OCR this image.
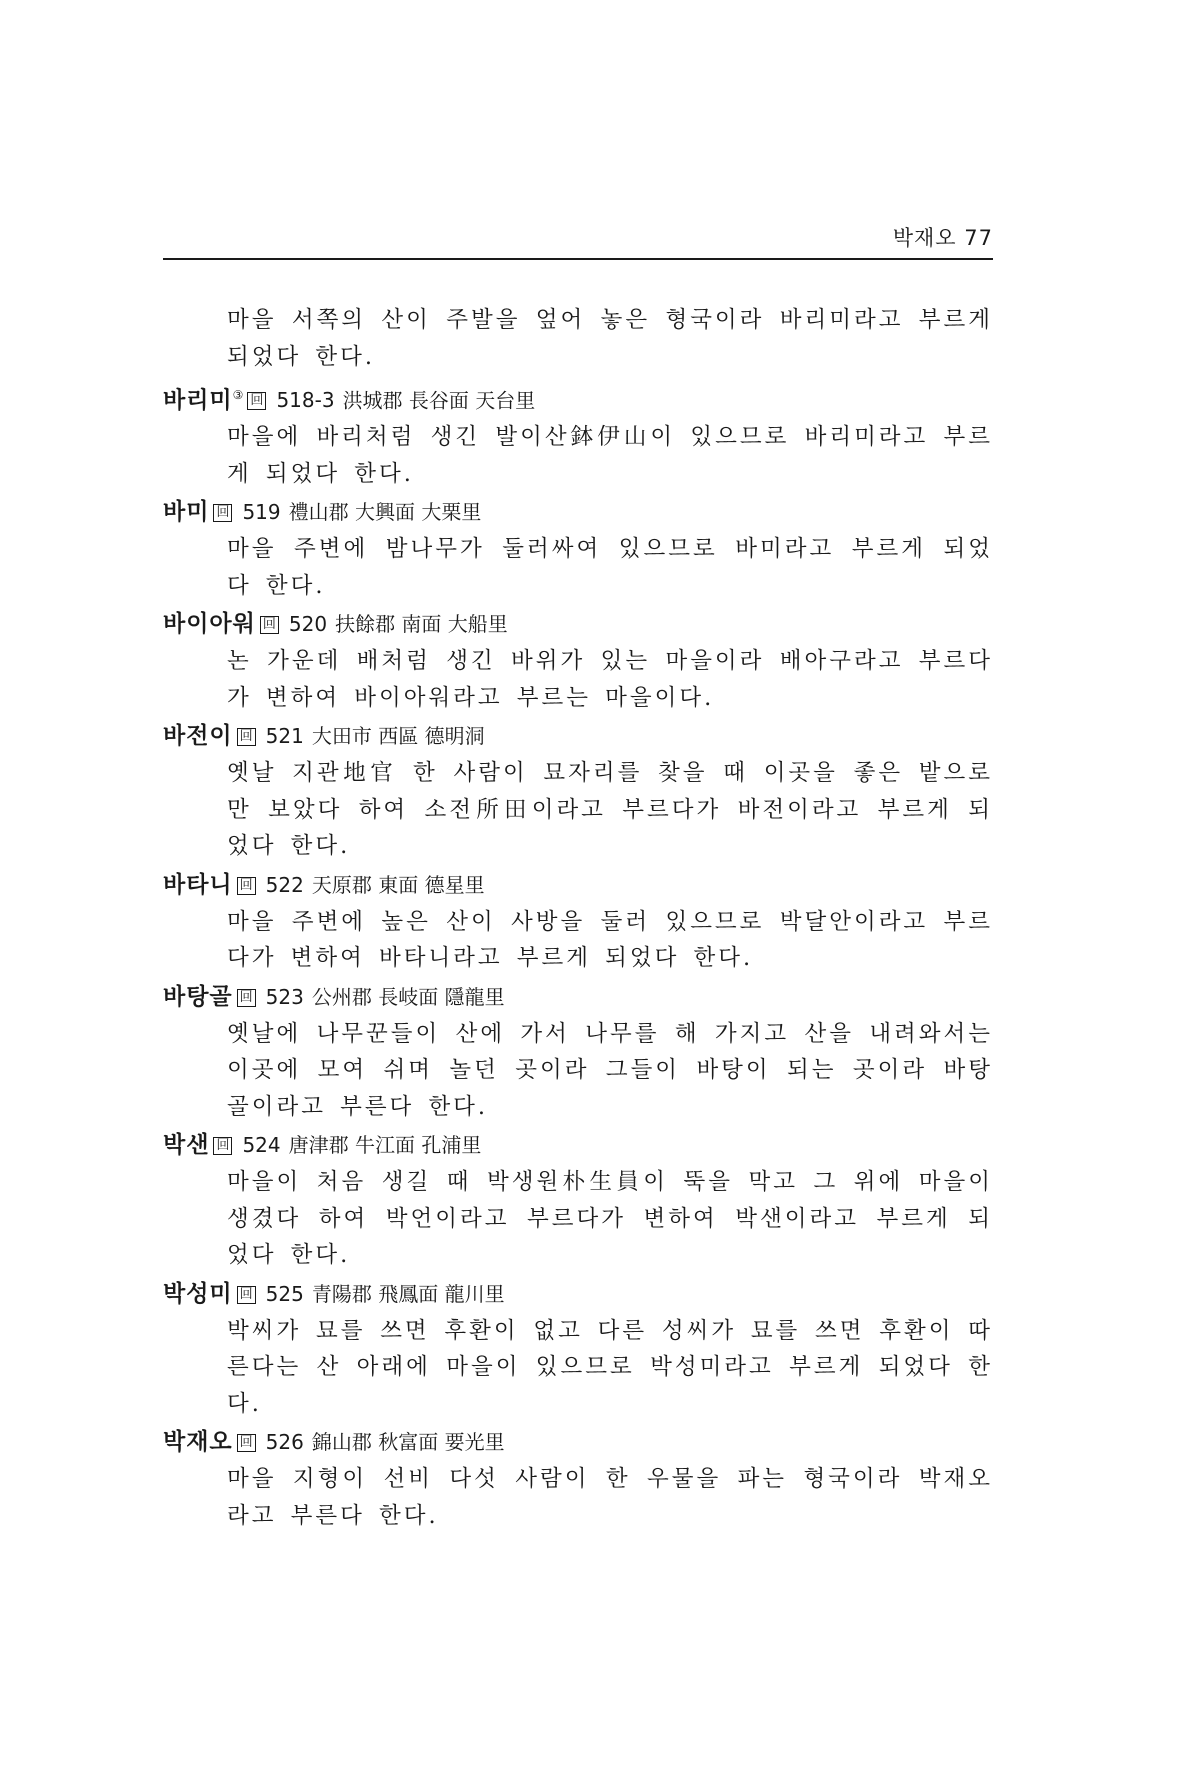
박재오 77
마을 서쪽의 산이 주발을 엎어 놓은 형국이라 바리미라고 부르게 되었다 한다.
바리미③ 回 518-3 洪城郡 長谷面 天台里
마을에 바리처럼 생긴 발이산鉢伊山이 있으므로 바리미라고 부르게 되었다 한다.
바미 回 519 禮山郡 大興面 大栗里
마을 주변에 밤나무가 둘러싸여 있으므로 바미라고 부르게 되었다 한다.
바이아워 回 520 扶餘郡 南面 大船里
논 가운데 배처럼 생긴 바위가 있는 마을이라 배아구라고 부르다가 변하여 바이아워라고 부르는 마을이다.
바전이 回 521 大田市 西區 德明洞
옛날 지관地官 한 사람이 묘자리를 찾을 때 이곳을 좋은 밭으로만 보았다 하여 소전所田이라고 부르다가 바전이라고 부르게 되었다 한다.
바타니 回 522 天原郡 東面 德星里
마을 주변에 높은 산이 사방을 둘러 있으므로 박달안이라고 부르다가 변하여 바타니라고 부르게 되었다 한다.
바탕골 回 523 公州郡 長岐面 隱龍里
옛날에 나무꾼들이 산에 가서 나무를 해 가지고 산을 내려와서는 이곳에 모여 쉬며 놀던 곳이라 그들이 바탕이 되는 곳이라 바탕골이라고 부른다 한다.
박샌 回 524 唐津郡 牛江面 孔浦里
마을이 처음 생길 때 박생원朴生員이 뚝을 막고 그 위에 마을이 생겼다 하여 박언이라고 부르다가 변하여 박샌이라고 부르게 되었다 한다.
박성미 回 525 青陽郡 飛鳳面 龍川里
박씨가 묘를 쓰면 후환이 없고 다른 성씨가 묘를 쓰면 후환이 따른다는 산 아래에 마을이 있으므로 박성미라고 부르게 되었다 한다.
박재오 回 526 錦山郡 秋富面 要光里
마을 지형이 선비 다섯 사람이 한 우물을 파는 형국이라 박재오라고 부른다 한다.
